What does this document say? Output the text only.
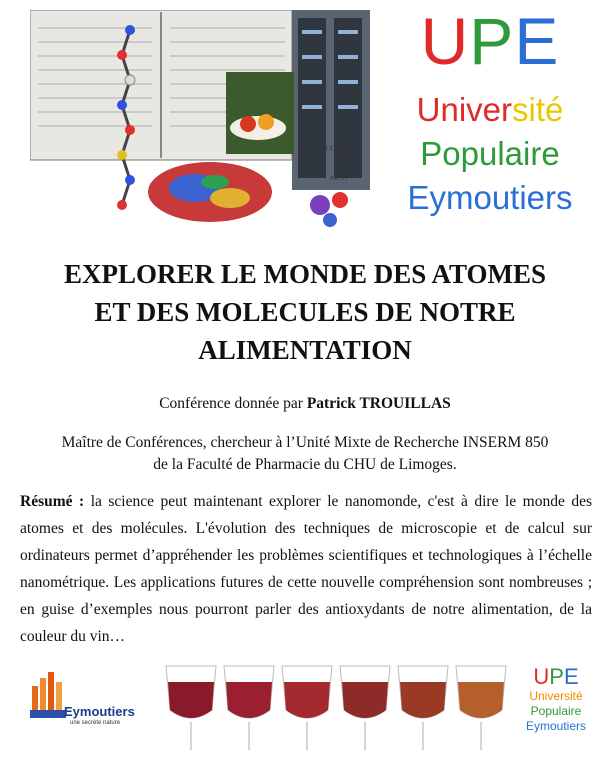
Xe(1)
Xe(2)
Xe(3)
Xe(4)
Xe(5)
UPE
Université
Populaire
Eymoutiers
EXPLORER LE MONDE DES ATOMES
ET DES MOLECULES DE NOTRE
ALIMENTATION
Conférence donnée par Patrick TROUILLAS
Maître de Conférences, chercheur à l’Unité Mixte de Recherche INSERM 850
de la Faculté de Pharmacie du CHU de Limoges.
Résumé : la science peut maintenant explorer le nanomonde, c'est à dire le monde des atomes et des molécules. L'évolution des techniques de microscopie et de calcul sur ordinateurs permet d’appréhender les problèmes scientifiques et technologiques à l’échelle nanométrique. Les applications futures de cette nouvelle compréhension sont nombreuses ; en guise d’exemples nous pourront parler des antioxydants de notre alimentation, de la couleur du vin…
Eymoutiers
une secrète nature
UPE
Université
Populaire
Eymoutiers
